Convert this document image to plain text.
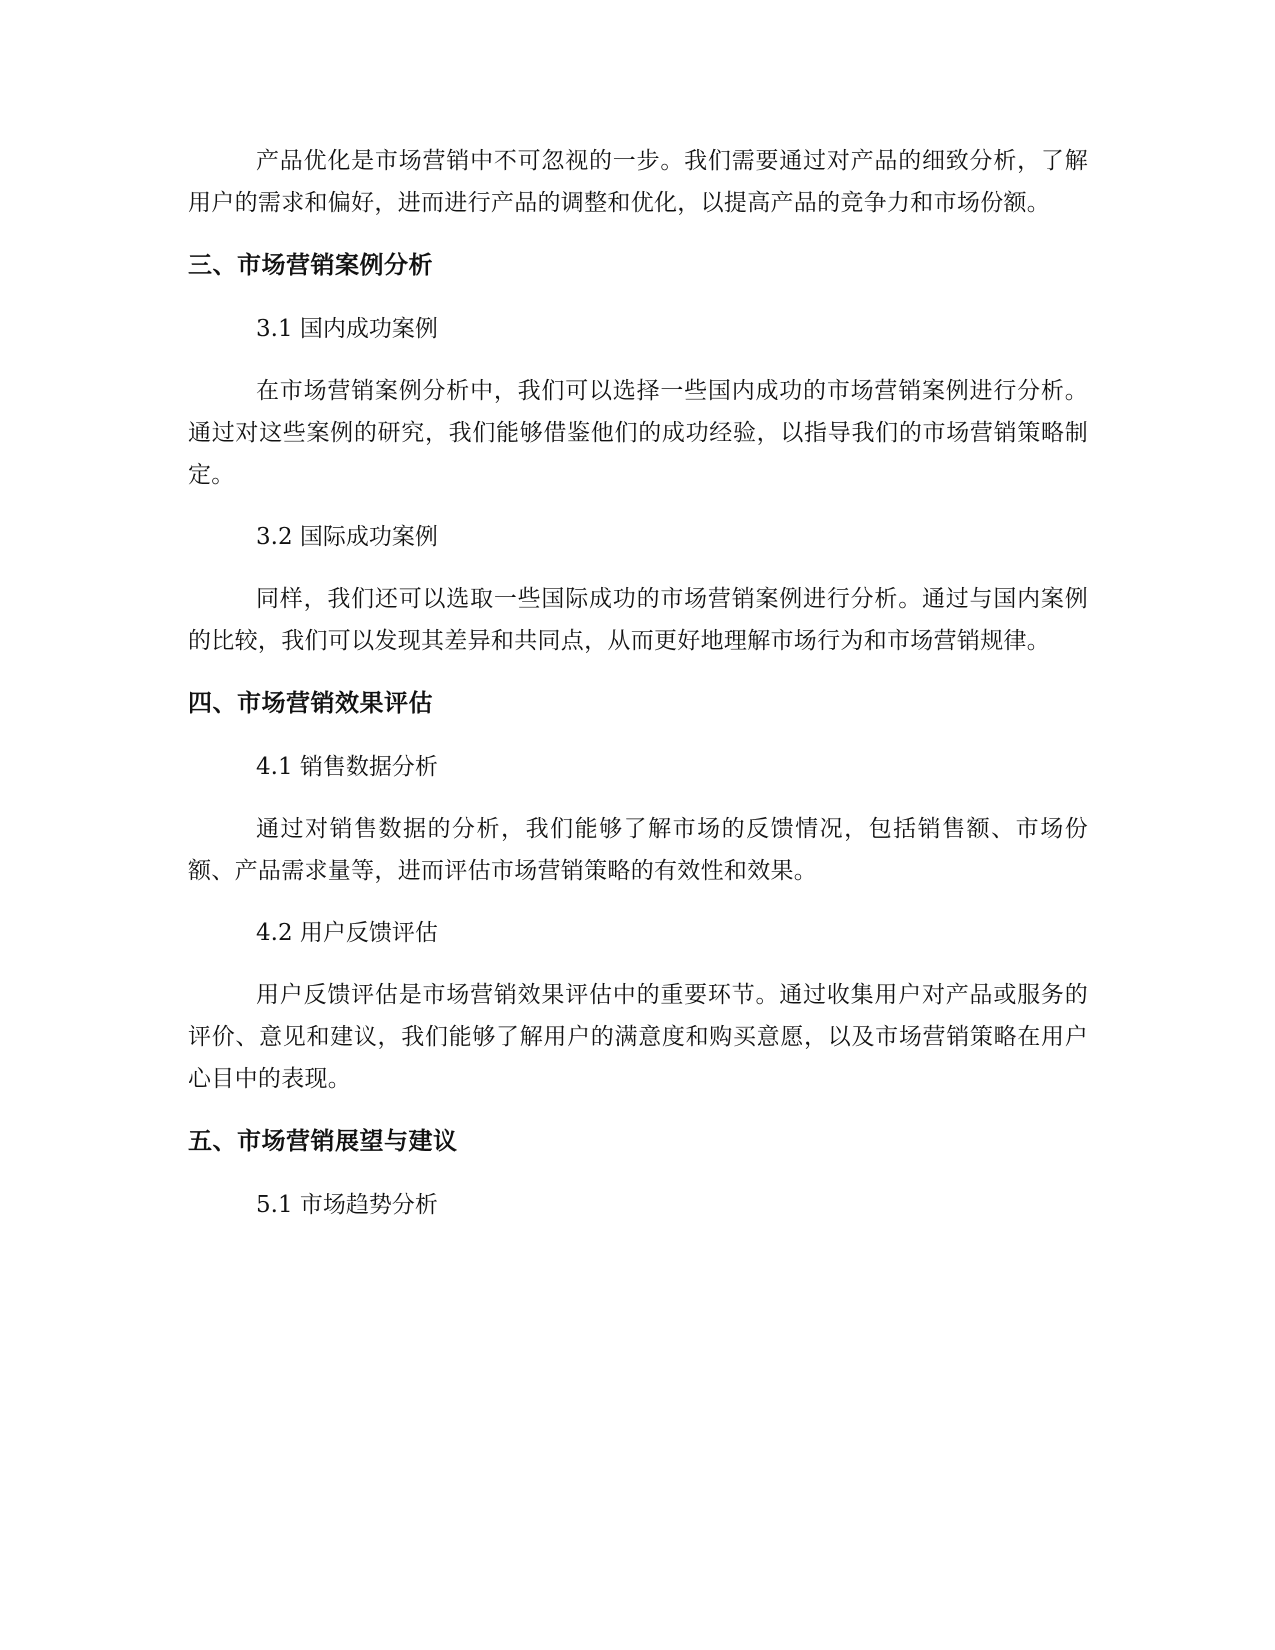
产品优化是市场营销中不可忽视的一步。我们需要通过对产品的细致分析，了解用户的需求和偏好，进而进行产品的调整和优化，以提高产品的竞争力和市场份额。

三、市场营销案例分析
3.1 国内成功案例

在市场营销案例分析中，我们可以选择一些国内成功的市场营销案例进行分析。通过对这些案例的研究，我们能够借鉴他们的成功经验，以指导我们的市场营销策略制定。

3.2 国际成功案例

同样，我们还可以选取一些国际成功的市场营销案例进行分析。通过与国内案例的比较，我们可以发现其差异和共同点，从而更好地理解市场行为和市场营销规律。

四、市场营销效果评估
4.1 销售数据分析

通过对销售数据的分析，我们能够了解市场的反馈情况，包括销售额、市场份额、产品需求量等，进而评估市场营销策略的有效性和效果。

4.2 用户反馈评估

用户反馈评估是市场营销效果评估中的重要环节。通过收集用户对产品或服务的评价、意见和建议，我们能够了解用户的满意度和购买意愿，以及市场营销策略在用户心目中的表现。

五、市场营销展望与建议
5.1 市场趋势分析
